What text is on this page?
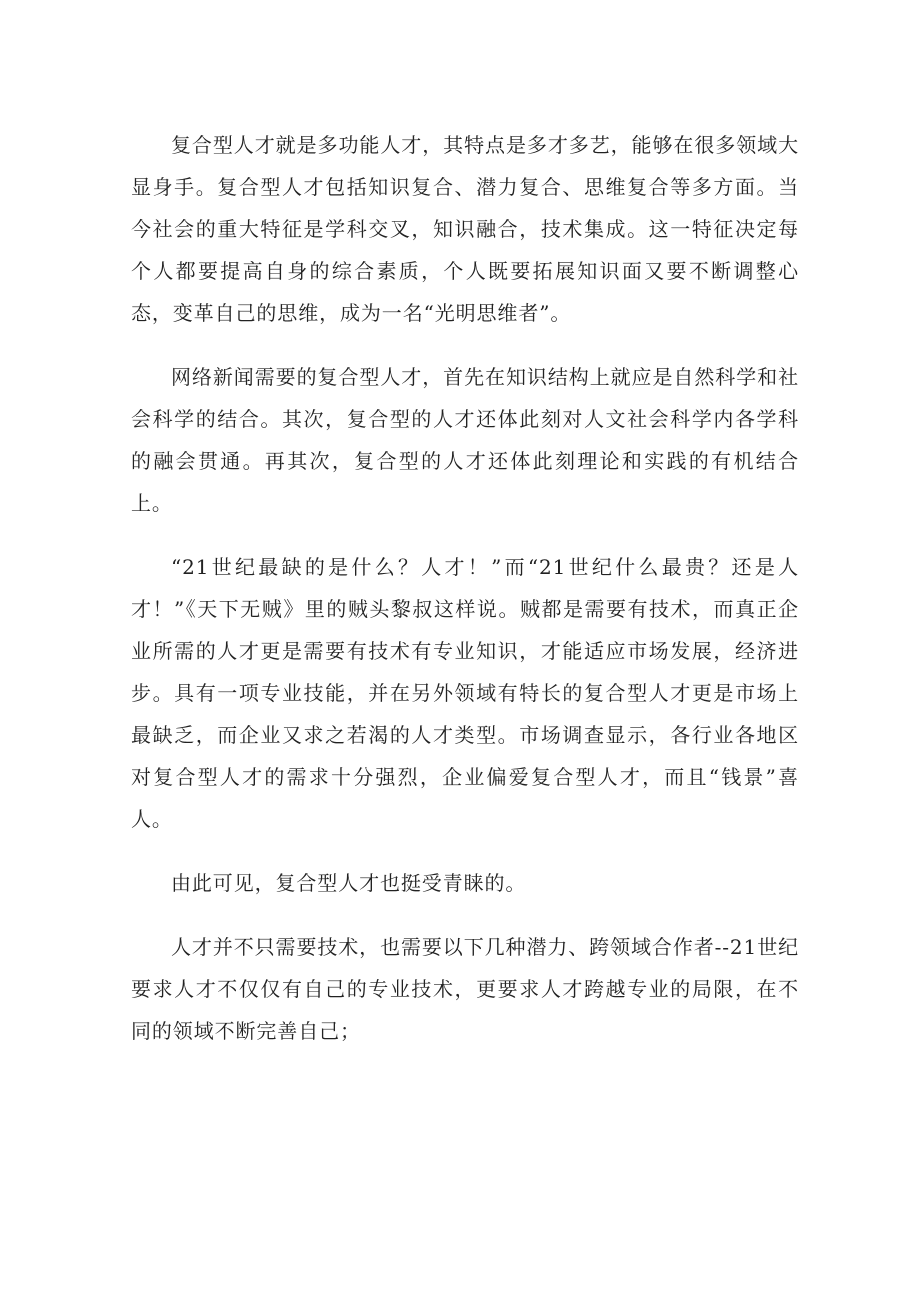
复合型人才就是多功能人才，其特点是多才多艺，能够在很多领域大显身手。复合型人才包括知识复合、潜力复合、思维复合等多方面。当今社会的重大特征是学科交叉，知识融合，技术集成。这一特征决定每个人都要提高自身的综合素质，个人既要拓展知识面又要不断调整心态，变革自己的思维，成为一名“光明思维者”。

网络新闻需要的复合型人才，首先在知识结构上就应是自然科学和社会科学的结合。其次，复合型的人才还体此刻对人文社会科学内各学科的融会贯通。再其次，复合型的人才还体此刻理论和实践的有机结合上。

“21世纪最缺的是什么？人才！”而“21世纪什么最贵？还是人才！”《天下无贼》里的贼头黎叔这样说。贼都是需要有技术，而真正企业所需的人才更是需要有技术有专业知识，才能适应市场发展，经济进步。具有一项专业技能，并在另外领域有特长的复合型人才更是市场上最缺乏，而企业又求之若渴的人才类型。市场调查显示，各行业各地区对复合型人才的需求十分强烈，企业偏爱复合型人才，而且“钱景”喜人。

由此可见，复合型人才也挺受青睐的。

人才并不只需要技术，也需要以下几种潜力、跨领域合作者--21世纪要求人才不仅仅有自己的专业技术，更要求人才跨越专业的局限，在不同的领域不断完善自己；
